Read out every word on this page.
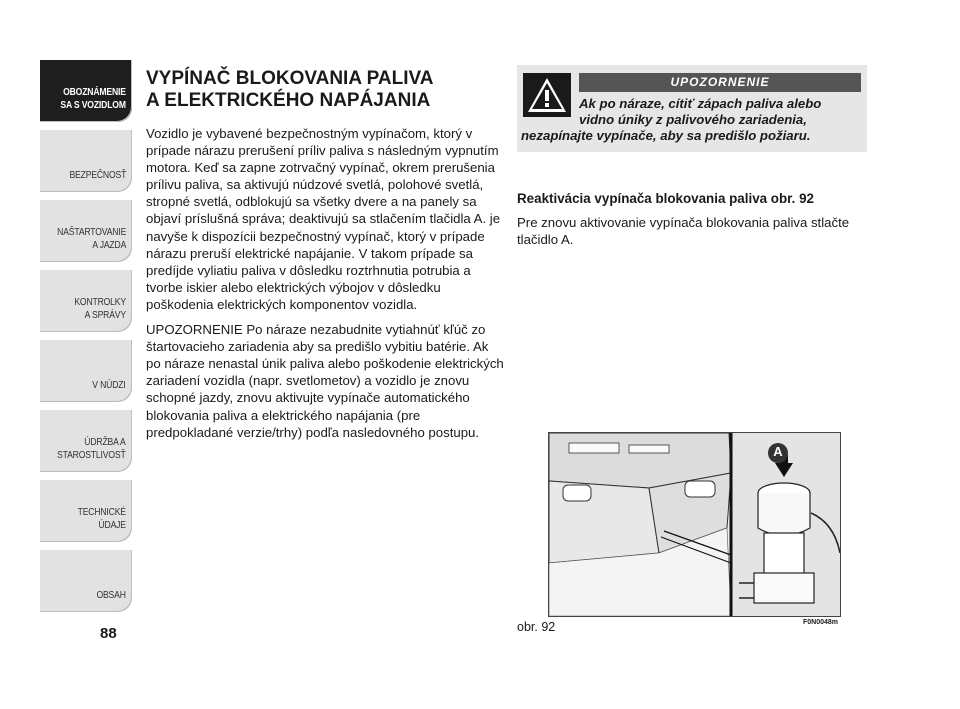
OBOZNÁMENIE
SA S VOZIDLOM
BEZPEČNOSŤ
NAŠTARTOVANIE
A JAZDA
KONTROLKY
A SPRÁVY
V NÚDZI
ÚDRŽBA A
STAROSTLIVOSŤ
TECHNICKÉ
ÚDAJE
OBSAH
88
VYPÍNAČ BLOKOVANIA PALIVA
A ELEKTRICKÉHO NAPÁJANIA

Vozidlo je vybavené bezpečnostným vypínačom, ktorý v prípade nárazu prerušení príliv paliva s následným vypnutím motora. Keď sa zapne zotrvačný vypínač, okrem prerušenia prílivu paliva, sa aktivujú núdzové svetlá, polohové svetlá, stropné svetlá, odblokujú sa všetky dvere a na panely sa objaví príslušná správa; deaktivujú sa stlačením tlačidla A. je navyše k dispozícii bezpečnostný vypínač, ktorý v prípade nárazu preruší elektrické napájanie. V takom prípade sa predíjde vyliatiu paliva v dôsledku roztrhnutia potrubia a tvorbe iskier alebo elektrických výbojov v dôsledku poškodenia elektrických komponentov vozidla.

UPOZORNENIE Po náraze nezabudnite vytiahnúť kľúč zo štartovacieho zariadenia aby sa predišlo vybitiu batérie. Ak po náraze nenastal únik paliva alebo poškodenie elektrických zariadení vozidla (napr. svetlometov) a vozidlo je znovu schopné jazdy, znovu aktivujte vypínače automatického blokovania paliva a elektrického napájania (pre predpokladané verzie/trhy) podľa nasledovného postupu.

UPOZORNENIE
Ak po náraze, cítiť zápach paliva alebo
vidno úniky z palivového zariadenia,
nezapínajte vypínače, aby sa predišlo požiaru.
Reaktivácia vypínača blokovania paliva obr. 92
Pre znovu aktivovanie vypínača blokovania paliva stlačte tlačidlo A.
A
obr. 92	F0N0048m
